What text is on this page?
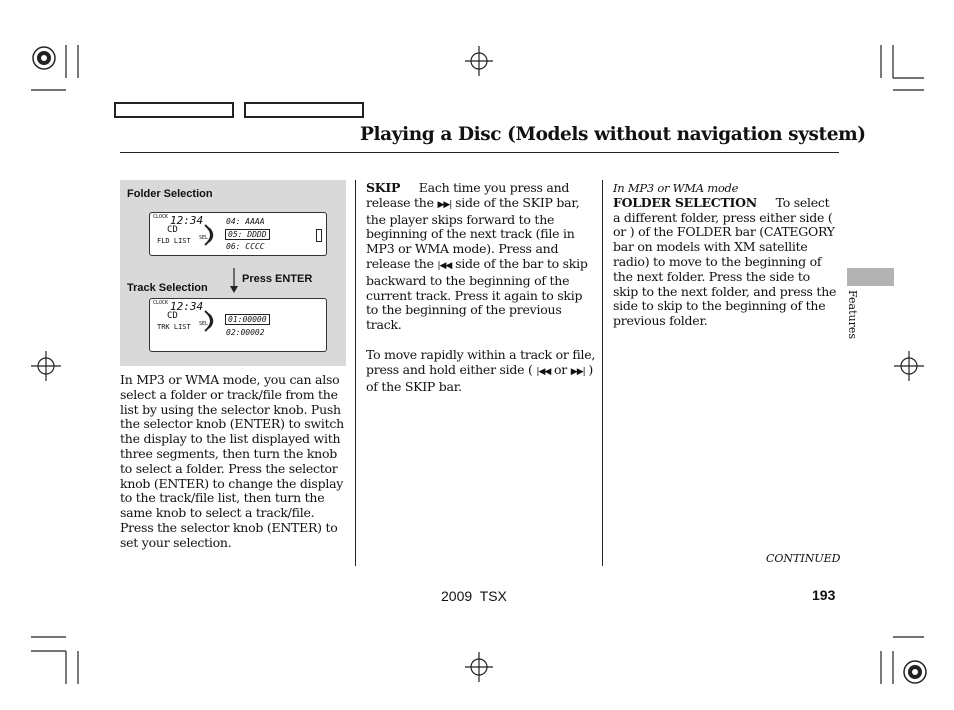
Playing a Disc (Models without navigation system)
Folder Selection
CLOCK 12:34
CD
FLD LIST SEL
04: AAAA
05: DDDD
06: CCCC
Press ENTER
Track Selection
CLOCK 12:34
CD
TRK LIST SEL 01:00000
02:00002

In MP3 or WMA mode, you can also select a folder or track/file from the list by using the selector knob. Push the selector knob (ENTER) to switch the display to the list displayed with three segments, then turn the knob to select a folder. Press the selector knob (ENTER) to change the display to the track/file list, then turn the same knob to select a track/file. Press the selector knob (ENTER) to set your selection.

SKIP Each time you press and release the ▶▶| side of the SKIP bar, the player skips forward to the beginning of the next track (file in MP3 or WMA mode). Press and release the |◀◀ side of the bar to skip backward to the beginning of the current track. Press it again to skip to the beginning of the previous track.

To move rapidly within a track or file, press and hold either side ( |◀◀ or ▶▶| ) of the SKIP bar.

In MP3 or WMA mode

FOLDER SELECTION To select a different folder, press either side ( or ) of the FOLDER bar (CATEGORY bar on models with XM satellite radio) to move to the beginning of the next folder. Press the side to skip to the next folder, and press the side to skip to the beginning of the previous folder.	Features
CONTINUED
2009  TSX	193
